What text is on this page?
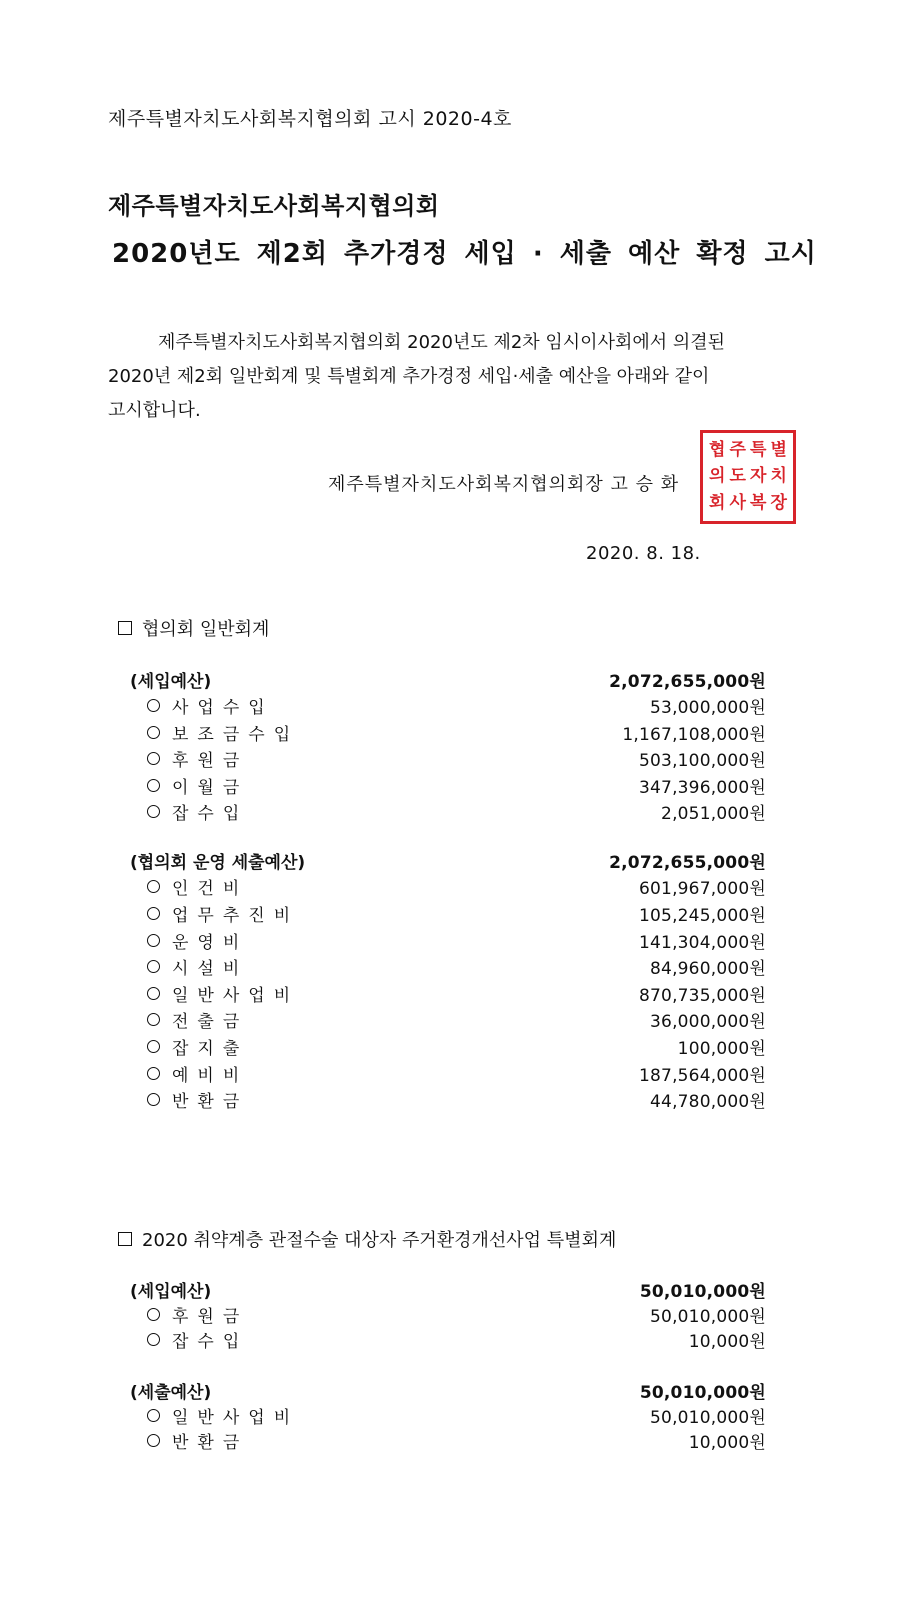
제주특별자치도사회복지협의회 고시 2020-4호
제주특별자치도사회복지협의회
2020년도 제2회 추가경정 세입 · 세출 예산 확정 고시
제주특별자치도사회복지협의회 2020년도 제2차 임시이사회에서 의결된
2020년 제2회 일반회계 및 특별회계 추가경정 세입·세출 예산을 아래와 같이
고시합니다.
제주특별자치도사회복지협의회장 고 승 화
협 주 특 별
의 도 자 치
회 사 복 장
2020. 8. 18.
협의회 일반회계
(세입예산)	2,072,655,000원
사업수입	53,000,000원
보조금수입	1,167,108,000원
후원금	503,100,000원
이월금	347,396,000원
잡수입	2,051,000원
(협의회 운영 세출예산)	2,072,655,000원
인건비	601,967,000원
업무추진비	105,245,000원
운영비	141,304,000원
시설비	84,960,000원
일반사업비	870,735,000원
전출금	36,000,000원
잡지출	100,000원
예비비	187,564,000원
반환금	44,780,000원
2020 취약계층 관절수술 대상자 주거환경개선사업 특별회계
(세입예산)	50,010,000원
후원금	50,010,000원
잡수입	10,000원
(세출예산)	50,010,000원
일반사업비	50,010,000원
반환금	10,000원
